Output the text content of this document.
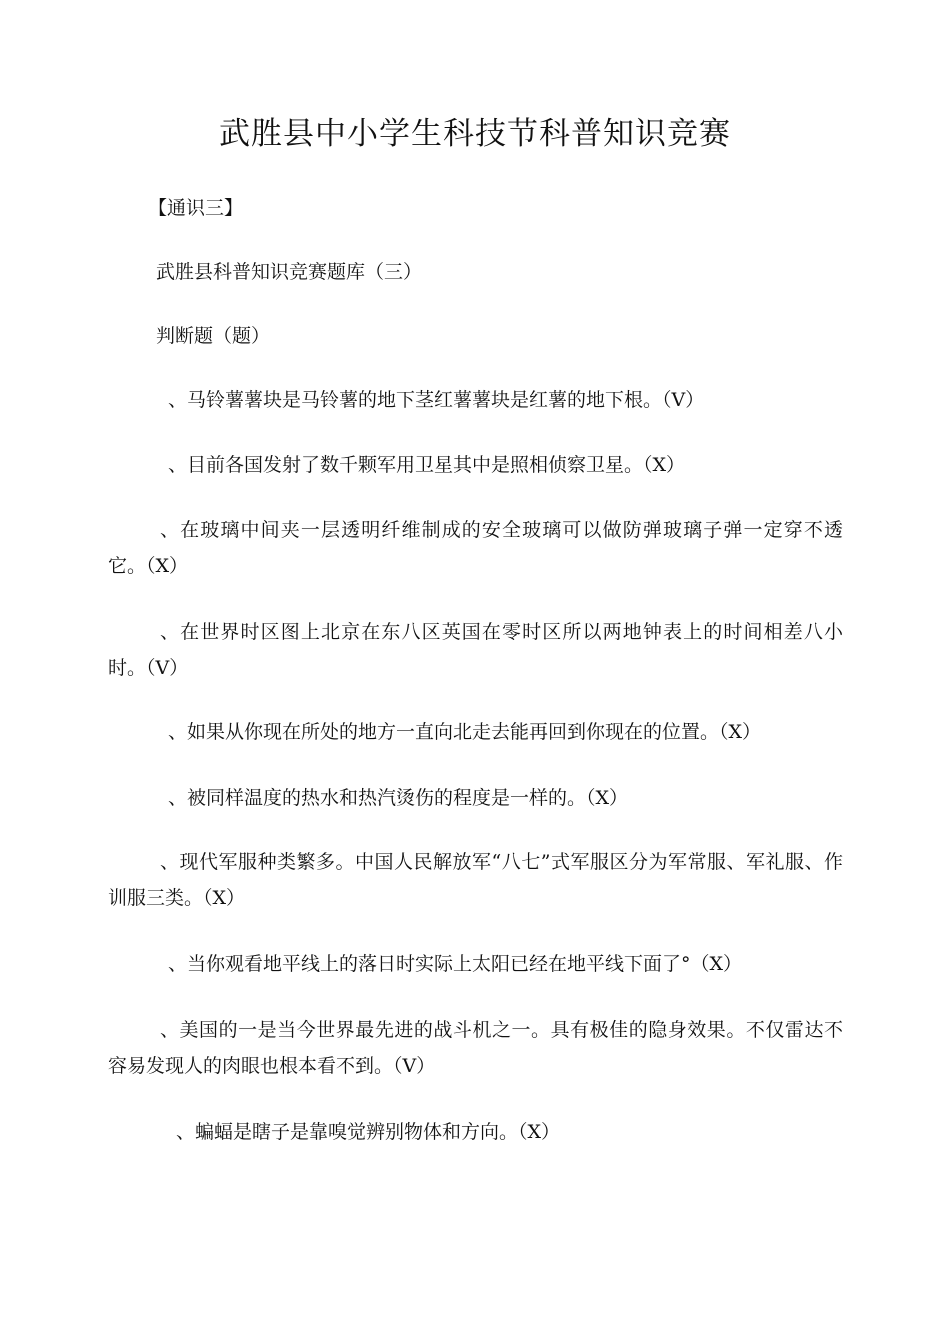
武胜县中小学生科技节科普知识竞赛

【通识三】

武胜县科普知识竞赛题库（三）

判断题（题）

、马铃薯薯块是马铃薯的地下茎红薯薯块是红薯的地下根。（V）

、目前各国发射了数千颗军用卫星其中是照相侦察卫星。（X）

、在玻璃中间夹一层透明纤维制成的安全玻璃可以做防弹玻璃子弹一定穿不透它。（X）

、在世界时区图上北京在东八区英国在零时区所以两地钟表上的时间相差八小时。（V）

、如果从你现在所处的地方一直向北走去能再回到你现在的位置。（X）

、被同样温度的热水和热汽烫伤的程度是一样的。（X）

、现代军服种类繁多。中国人民解放军“八七”式军服区分为军常服、军礼服、作训服三类。（X）

、当你观看地平线上的落日时实际上太阳已经在地平线下面了°（X）

、美国的一是当今世界最先进的战斗机之一。具有极佳的隐身效果。不仅雷达不容易发现人的肉眼也根本看不到。（V）

、蝙蝠是瞎子是靠嗅觉辨别物体和方向。（X）
